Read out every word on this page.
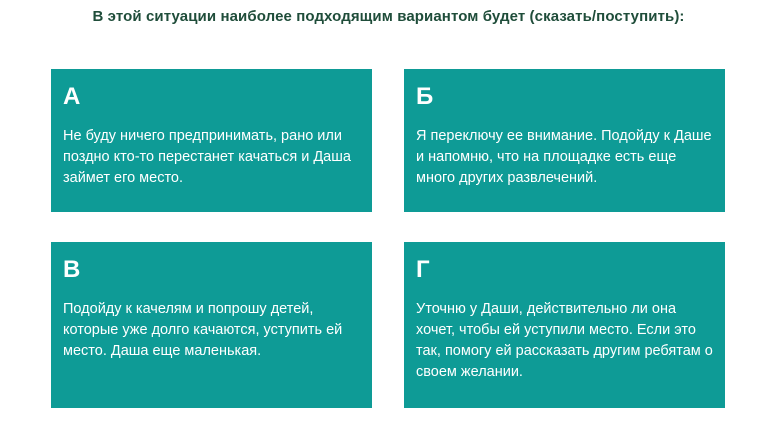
В этой ситуации наиболее подходящим вариантом будет (сказать/поступить):
А
Не буду ничего предпринимать, рано или поздно кто-то перестанет качаться и Даша займет его место.
Б
Я переключу ее внимание. Подойду к Даше и напомню, что на площадке есть еще много других развлечений.
В
Подойду к качелям и попрошу детей, которые уже долго качаются, уступить ей место. Даша еще маленькая.
Г
Уточню у Даши, действительно ли она хочет, чтобы ей уступили место. Если это так, помогу ей рассказать другим ребятам о своем желании.
